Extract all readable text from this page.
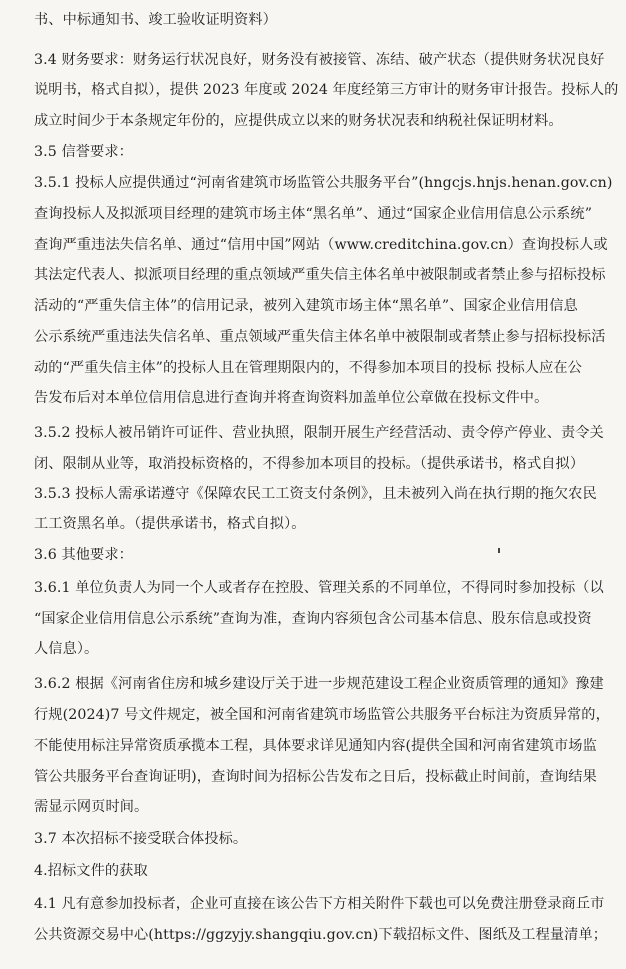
书、中标通知书、竣工验收证明资料）
3.4 财务要求：财务运行状况良好，财务没有被接管、冻结、破产状态（提供财务状况良好
说明书，格式自拟），提供 2023 年度或 2024 年度经第三方审计的财务审计报告。投标人的
成立时间少于本条规定年份的，应提供成立以来的财务状况表和纳税社保证明材料。
3.5 信誉要求：
3.5.1 投标人应提供通过“河南省建筑市场监管公共服务平台”(hngcjs.hnjs.henan.gov.cn)
查询投标人及拟派项目经理的建筑市场主体“黑名单”、通过“国家企业信用信息公示系统”
查询严重违法失信名单、通过“信用中国”网站（www.creditchina.gov.cn）查询投标人或
其法定代表人、拟派项目经理的重点领域严重失信主体名单中被限制或者禁止参与招标投标
活动的“严重失信主体”的信用记录，被列入建筑市场主体“黑名单”、国家企业信用信息
公示系统严重违法失信名单、重点领域严重失信主体名单中被限制或者禁止参与招标投标活
动的“严重失信主体”的投标人且在管理期限内的，不得参加本项目的投标 投标人应在公
告发布后对本单位信用信息进行查询并将查询资料加盖单位公章做在投标文件中。
3.5.2 投标人被吊销许可证件、营业执照，限制开展生产经营活动、责令停产停业、责令关
闭、限制从业等，取消投标资格的，不得参加本项目的投标。（提供承诺书，格式自拟）
3.5.3 投标人需承诺遵守《保障农民工工资支付条例》，且未被列入尚在执行期的拖欠农民
工工资黑名单。（提供承诺书，格式自拟）。
3.6 其他要求：
3.6.1 单位负责人为同一个人或者存在控股、管理关系的不同单位，不得同时参加投标（以
“国家企业信用信息公示系统”查询为准，查询内容须包含公司基本信息、股东信息或投资
人信息）。
3.6.2 根据《河南省住房和城乡建设厅关于进一步规范建设工程企业资质管理的通知》豫建
行规(2024)7 号文件规定，被全国和河南省建筑市场监管公共服务平台标注为资质异常的，
不能使用标注异常资质承揽本工程，具体要求详见通知内容(提供全国和河南省建筑市场监
管公共服务平台查询证明)，查询时间为招标公告发布之日后，投标截止时间前，查询结果
需显示网页时间。
3.7 本次招标不接受联合体投标。
4.招标文件的获取
4.1 凡有意参加投标者，企业可直接在该公告下方相关附件下载也可以免费注册登录商丘市
公共资源交易中心(https://ggzyjy.shangqiu.gov.cn)下载招标文件、图纸及工程量清单；
